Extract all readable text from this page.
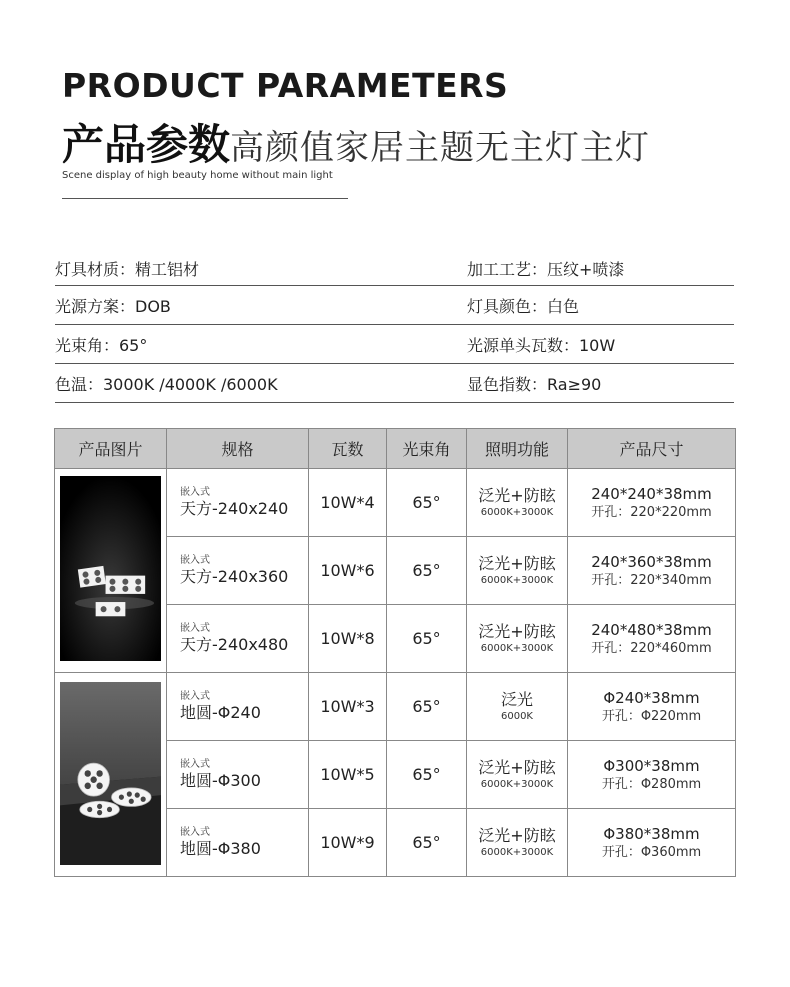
PRODUCT PARAMETERS
产品参数高颜值家居主题无主灯主灯
Scene display of high beauty home without main light
灯具材质：精工铝材	加工工艺：压纹+喷漆
光源方案：DOB	灯具颜色：白色
光束角：65°	光源单头瓦数：10W
色温：3000K /4000K /6000K	显色指数：Ra≥90
产品图片	规格	瓦数	光束角	照明功能	产品尺寸

嵌入式
天方-240x240	10W*4	65°	泛光+防眩
6000K+3000K	240*240*38mm
开孔：220*220mm

	嵌入式
天方-240x360	10W*6	65°	泛光+防眩
6000K+3000K	240*360*38mm
开孔：220*340mm

	嵌入式
天方-240x480	10W*8	65°	泛光+防眩
6000K+3000K	240*480*38mm
开孔：220*460mm

嵌入式
地圆-Φ240	10W*3	65°	泛光
6000K	Φ240*38mm
开孔：Φ220mm

	嵌入式
地圆-Φ300	10W*5	65°	泛光+防眩
6000K+3000K	Φ300*38mm
开孔：Φ280mm

	嵌入式
地圆-Φ380	10W*9	65°	泛光+防眩
6000K+3000K	Φ380*38mm
开孔：Φ360mm
